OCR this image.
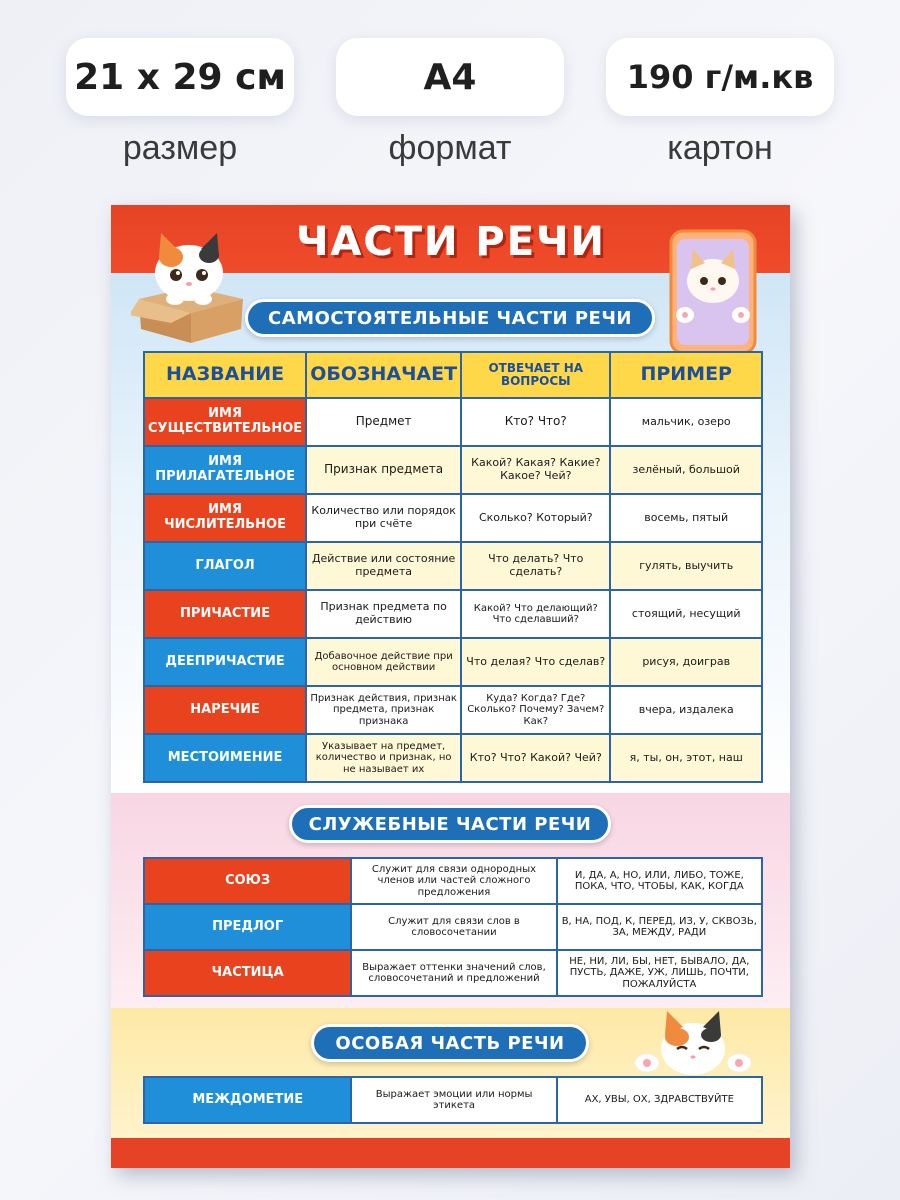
21 x 29 см	А4	190 г/м.кв
размер	формат	картон
ЧАСТИ РЕЧИ
САМОСТОЯТЕЛЬНЫЕ ЧАСТИ РЕЧИ
НАЗВАНИЕ	ОБОЗНАЧАЕТ	ОТВЕЧАЕТ НА ВОПРОСЫ	ПРИМЕР
ИМЯ СУЩЕСТВИТЕЛЬНОЕ	Предмет	Кто? Что?	мальчик, озеро
ИМЯ ПРИЛАГАТЕЛЬНОЕ	Признак предмета	Какой? Какая? Какие? Какое? Чей?	зелёный, большой
ИМЯ ЧИСЛИТЕЛЬНОЕ	Количество или порядок при счёте	Сколько? Который?	восемь, пятый
ГЛАГОЛ	Действие или состояние предмета	Что делать? Что сделать?	гулять, выучить
ПРИЧАСТИЕ	Признак предмета по действию	Какой? Что делающий? Что сделавший?	стоящий, несущий
ДЕЕПРИЧАСТИЕ	Добавочное действие при основном действии	Что делая? Что сделав?	рисуя, доиграв
НАРЕЧИЕ	Признак действия, признак предмета, признак признака	Куда? Когда? Где? Сколько? Почему? Зачем? Как?	вчера, издалека
МЕСТОИМЕНИЕ	Указывает на предмет, количество и признак, но не называет их	Кто? Что? Какой? Чей?	я, ты, он, этот, наш
СЛУЖЕБНЫЕ ЧАСТИ РЕЧИ
СОЮЗ	Служит для связи однородных членов или частей сложного предложения	И, ДА, А, НО, ИЛИ, ЛИБО, ТОЖЕ, ПОКА, ЧТО, ЧТОБЫ, КАК, КОГДА
ПРЕДЛОГ	Служит для связи слов в словосочетании	В, НА, ПОД, К, ПЕРЕД, ИЗ, У, СКВОЗЬ, ЗА, МЕЖДУ, РАДИ
ЧАСТИЦА	Выражает оттенки значений слов, словосочетаний и предложений	НЕ, НИ, ЛИ, БЫ, НЕТ, БЫВАЛО, ДА, ПУСТЬ, ДАЖЕ, УЖ, ЛИШЬ, ПОЧТИ, ПОЖАЛУЙСТА
ОСОБАЯ ЧАСТЬ РЕЧИ
МЕЖДОМЕТИЕ	Выражает эмоции или нормы этикета	АХ, УВЫ, ОХ, ЗДРАВСТВУЙТЕ
